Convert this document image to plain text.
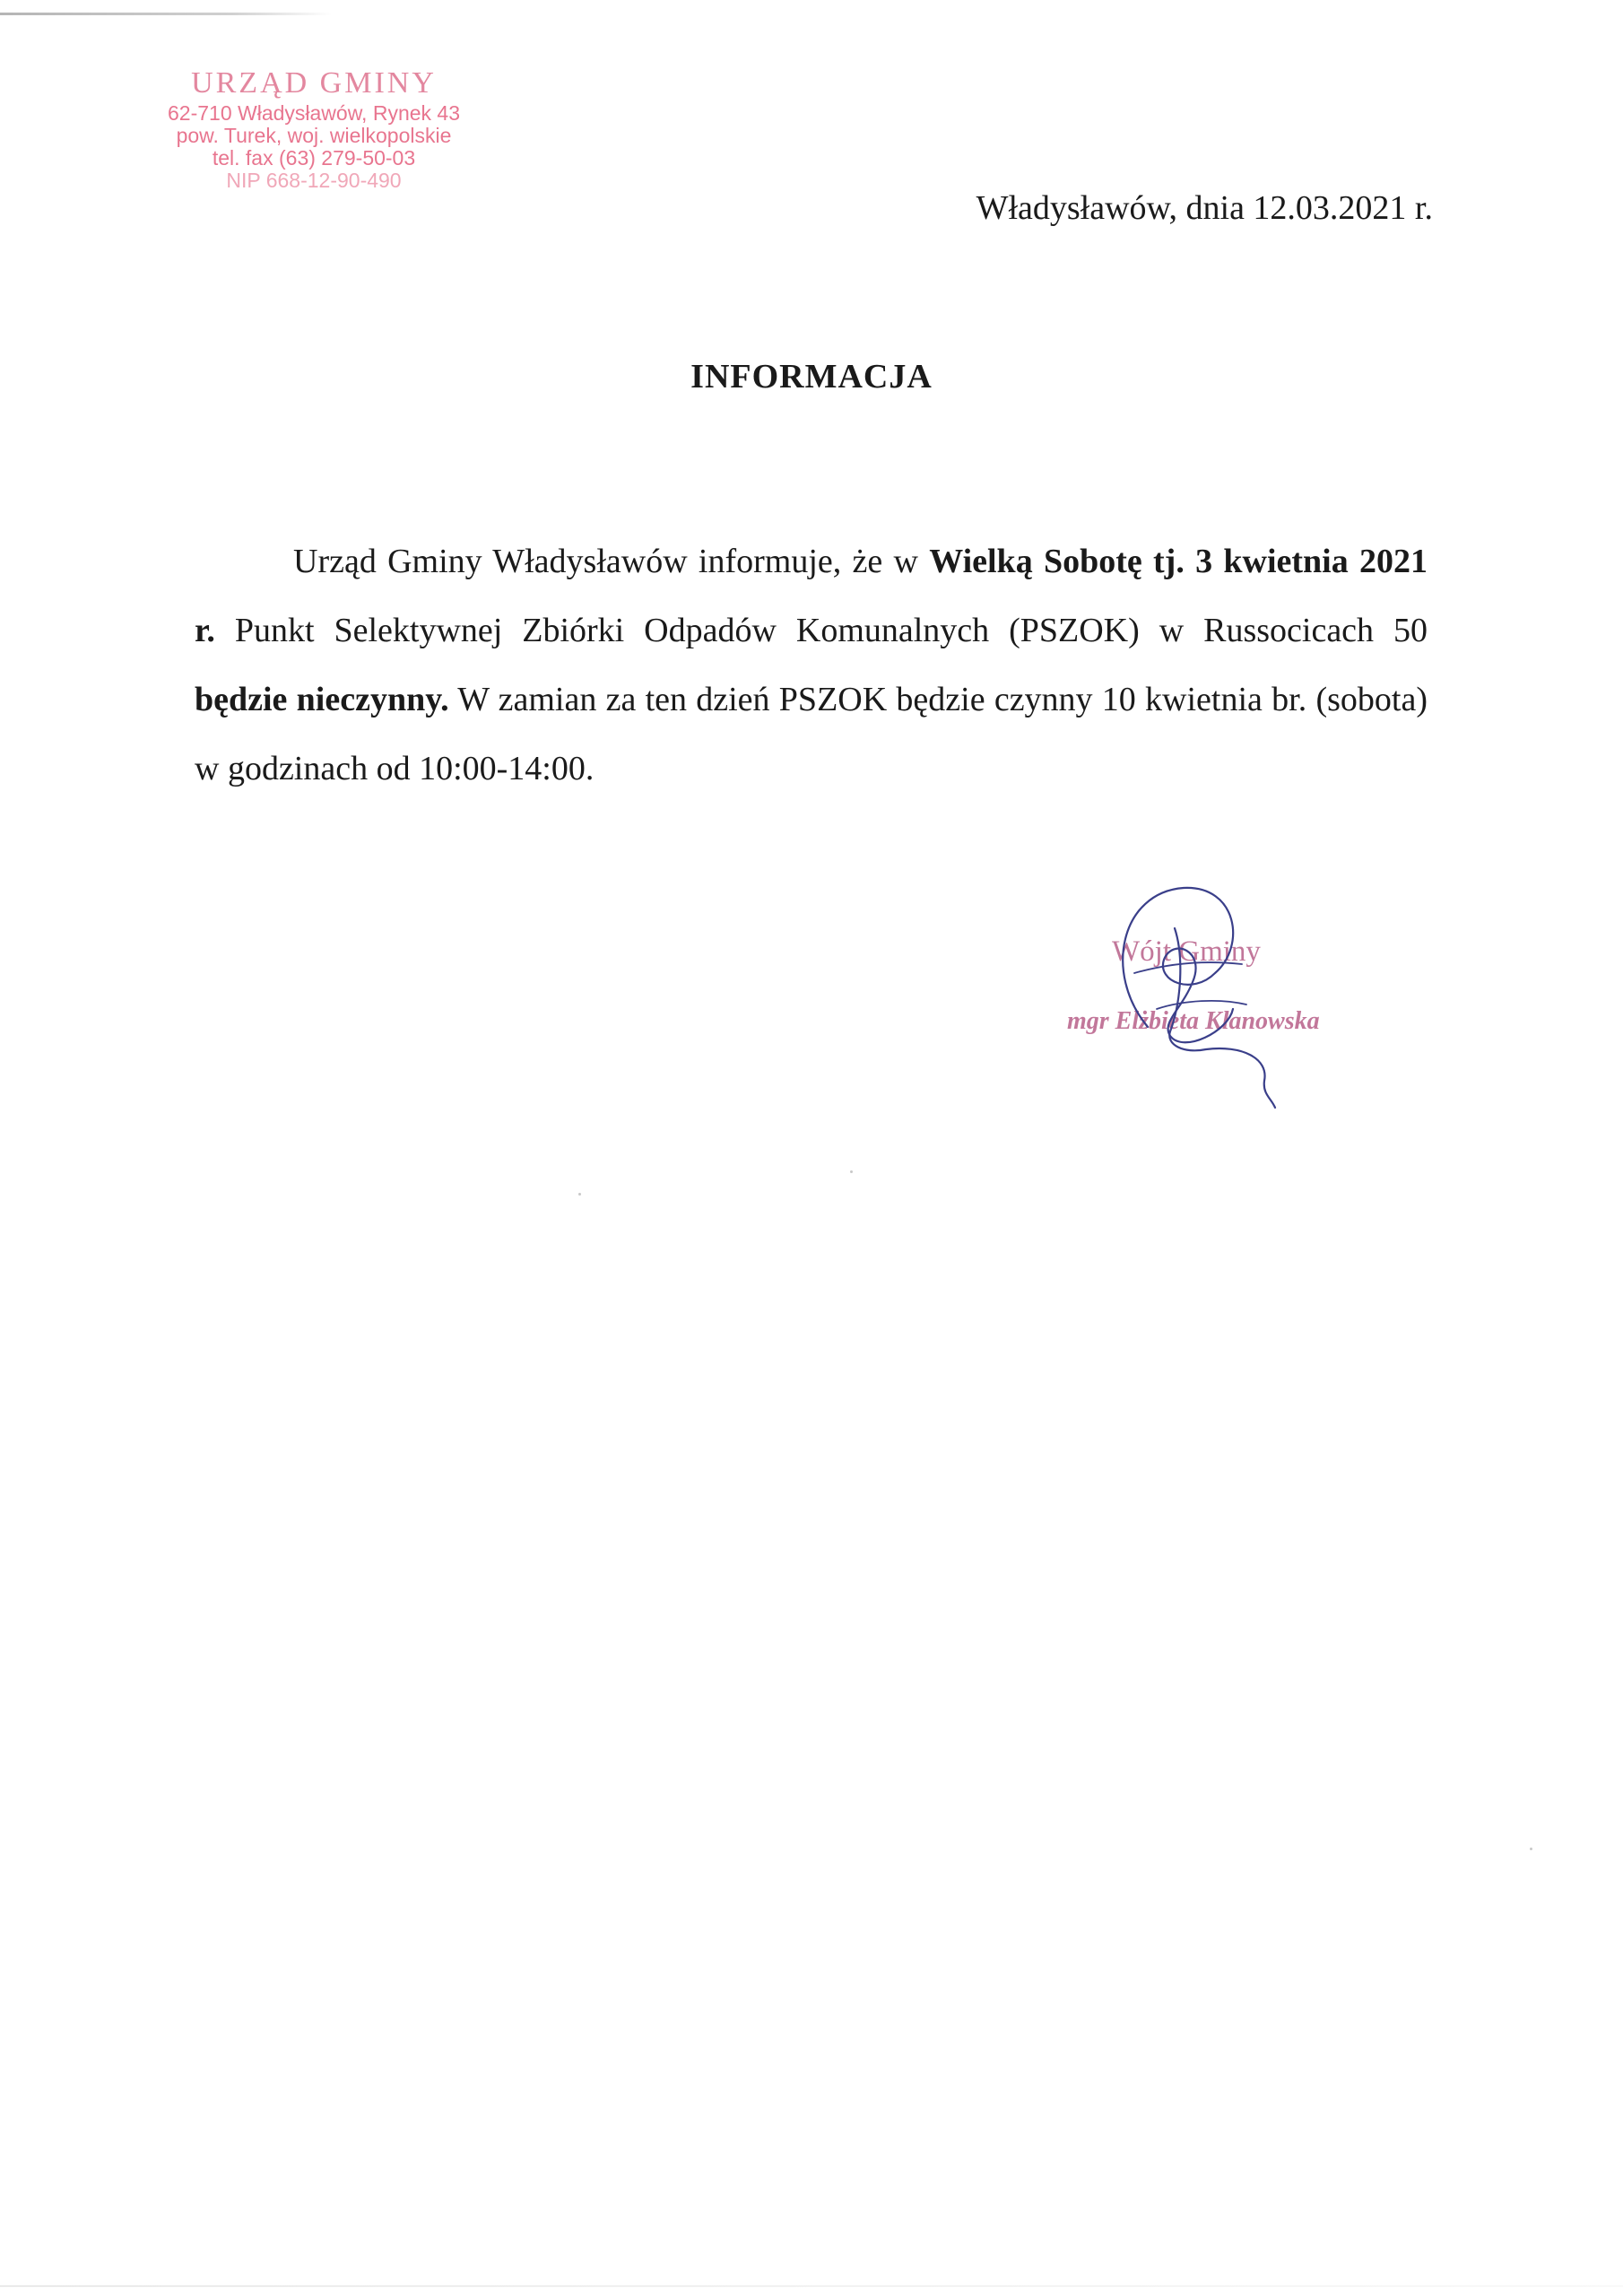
URZĄD GMINY
62-710 Władysławów, Rynek 43
pow. Turek, woj. wielkopolskie
tel. fax (63) 279-50-03
NIP 668-12-90-490
Władysławów, dnia 12.03.2021 r.
INFORMACJA

Urząd Gminy Władysławów informuje, że w Wielką Sobotę tj. 3 kwietnia 2021 r. Punkt Selektywnej Zbiórki Odpadów Komunalnych (PSZOK) w Russocicach 50 będzie nieczynny. W zamian za ten dzień PSZOK będzie czynny 10 kwietnia br. (sobota) w godzinach od 10:00-14:00.

Wójt Gminy
mgr Elżbieta Klanowska
